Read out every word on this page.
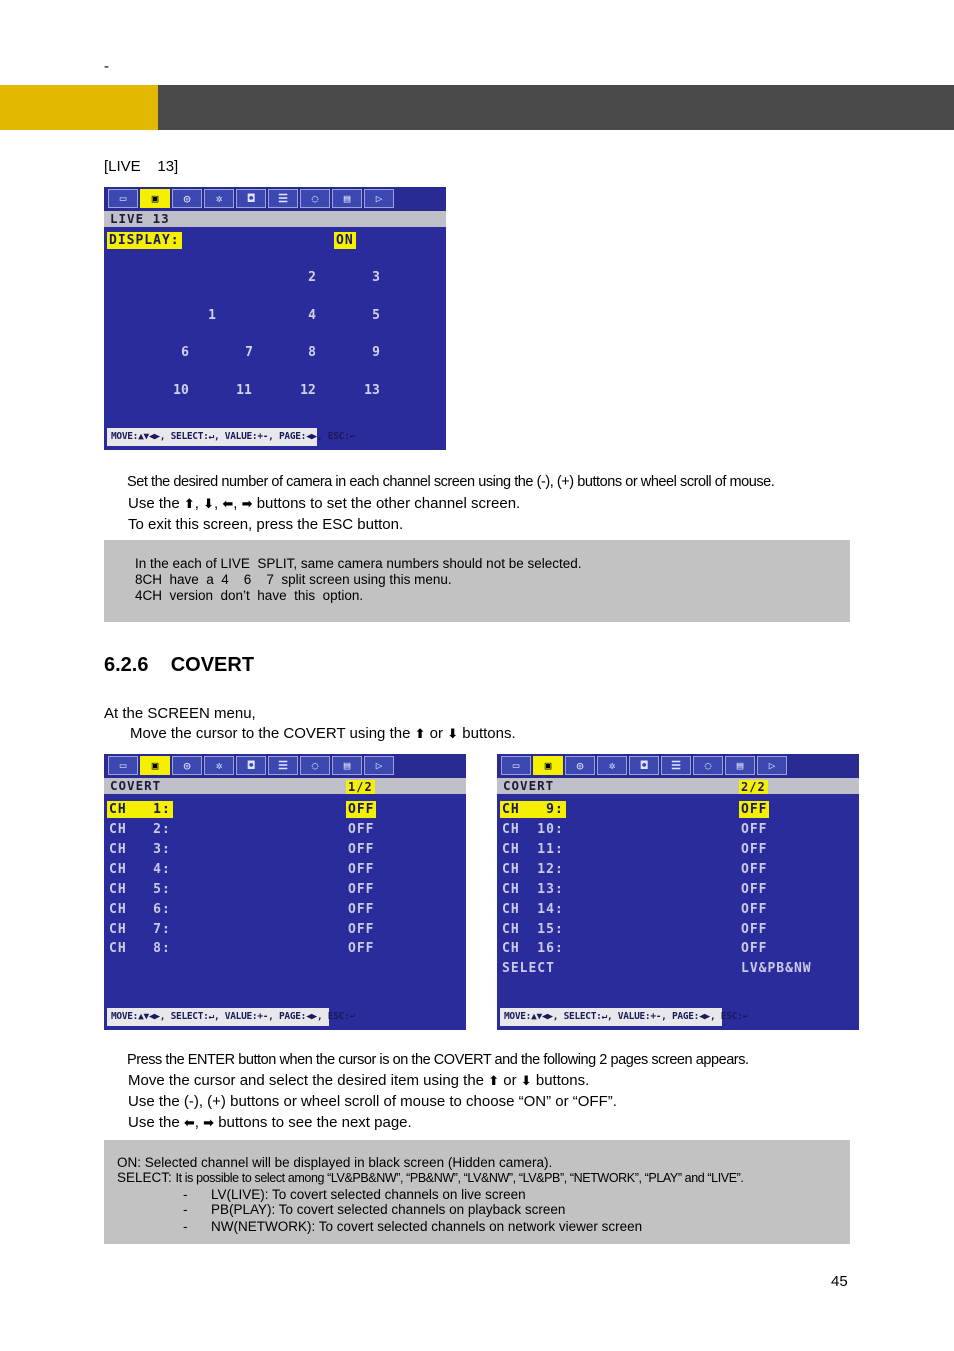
-
[LIVE    13]
▭	▣	◎	✲	◘	☰	◌	▤	▷
LIVE 13
DISPLAY:	ON
2	3
1	4	5
6	7	8	9
10	11	12	13
MOVE:▲▼◀▶, SELECT:↵, VALUE:+-, PAGE:◀▶, ESC:↩
Set the desired number of camera in each channel screen using the (-), (+) buttons or wheel scroll of mouse.
Use the ⬆, ⬇, ⬅, ➡ buttons to set the other channel screen.
To exit this screen, press the ESC button.
In the each of LIVE  SPLIT, same camera numbers should not be selected.
8CH  have  a  4    6    7  split screen using this menu.
4CH  version  don’t  have  this  option.
6.2.6    COVERT
At the SCREEN menu,
Move the cursor to the COVERT using the ⬆ or ⬇ buttons.
▭	▣	◎	✲	◘	☰	◌	▤	▷
COVERT	1/2
CH   1:	OFF
CH   2:	OFF
CH   3:	OFF
CH   4:	OFF
CH   5:	OFF
CH   6:	OFF
CH   7:	OFF
CH   8:	OFF
MOVE:▲▼◀▶, SELECT:↵, VALUE:+-, PAGE:◀▶, ESC:↩
▭	▣	◎	✲	◘	☰	◌	▤	▷
COVERT	2/2
CH   9:	OFF
CH  10:	OFF
CH  11:	OFF
CH  12:	OFF
CH  13:	OFF
CH  14:	OFF
CH  15:	OFF
CH  16:	OFF
SELECT	LV&PB&NW
MOVE:▲▼◀▶, SELECT:↵, VALUE:+-, PAGE:◀▶, ESC:↩
Press the ENTER button when the cursor is on the COVERT and the following 2 pages screen appears.
Move the cursor and select the desired item using the ⬆ or ⬇ buttons.
Use the (-), (+) buttons or wheel scroll of mouse to choose “ON” or “OFF”.
Use the ⬅, ➡ buttons to see the next page.
ON: Selected channel will be displayed in black screen (Hidden camera).
SELECT: It is possible to select among “LV&PB&NW”, “PB&NW”, “LV&NW”, “LV&PB”, “NETWORK”, “PLAY” and “LIVE”.
- LV(LIVE): To covert selected channels on live screen
- PB(PLAY): To covert selected channels on playback screen
- NW(NETWORK): To covert selected channels on network viewer screen
45
